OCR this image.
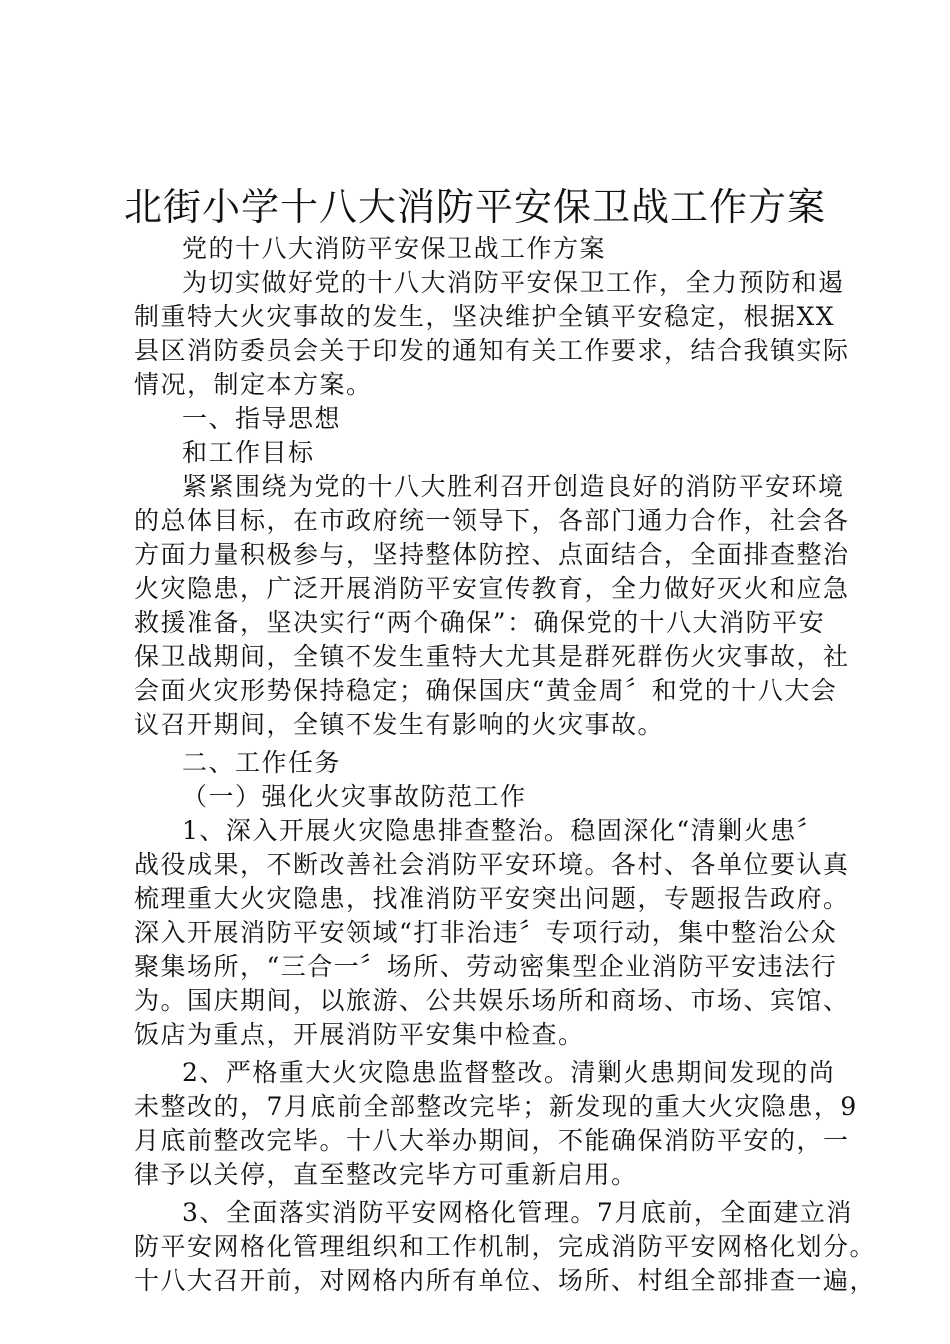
北街小学十八大消防平安保卫战工作方案
党的十八大消防平安保卫战工作方案
为切实做好党的十八大消防平安保卫工作，全力预防和遏
制重特大火灾事故的发生，坚决维护全镇平安稳定，根据XX
县区消防委员会关于印发的通知有关工作要求，结合我镇实际
情况，制定本方案。
一、指导思想
和工作目标
紧紧围绕为党的十八大胜利召开创造良好的消防平安环境
的总体目标，在市政府统一领导下，各部门通力合作，社会各
方面力量积极参与，坚持整体防控、点面结合，全面排查整治
火灾隐患，广泛开展消防平安宣传教育，全力做好灭火和应急
救援准备，坚决实行“两个确保”：确保党的十八大消防平安
保卫战期间，全镇不发生重特大尤其是群死群伤火灾事故，社
会面火灾形势保持稳定；确保国庆“黄金周〞和党的十八大会
议召开期间，全镇不发生有影响的火灾事故。
二、工作任务
（一）强化火灾事故防范工作
1、深入开展火灾隐患排查整治。稳固深化“清剿火患〞
战役成果，不断改善社会消防平安环境。各村、各单位要认真
梳理重大火灾隐患，找准消防平安突出问题，专题报告政府。
深入开展消防平安领域“打非治违〞专项行动，集中整治公众
聚集场所，“三合一〞场所、劳动密集型企业消防平安违法行
为。国庆期间，以旅游、公共娱乐场所和商场、市场、宾馆、
饭店为重点，开展消防平安集中检查。
2、严格重大火灾隐患监督整改。清剿火患期间发现的尚
未整改的，7月底前全部整改完毕；新发现的重大火灾隐患，9
月底前整改完毕。十八大举办期间，不能确保消防平安的，一
律予以关停，直至整改完毕方可重新启用。
3、全面落实消防平安网格化管理。7月底前，全面建立消
防平安网格化管理组织和工作机制，完成消防平安网格化划分。
十八大召开前，对网格内所有单位、场所、村组全部排查一遍，
